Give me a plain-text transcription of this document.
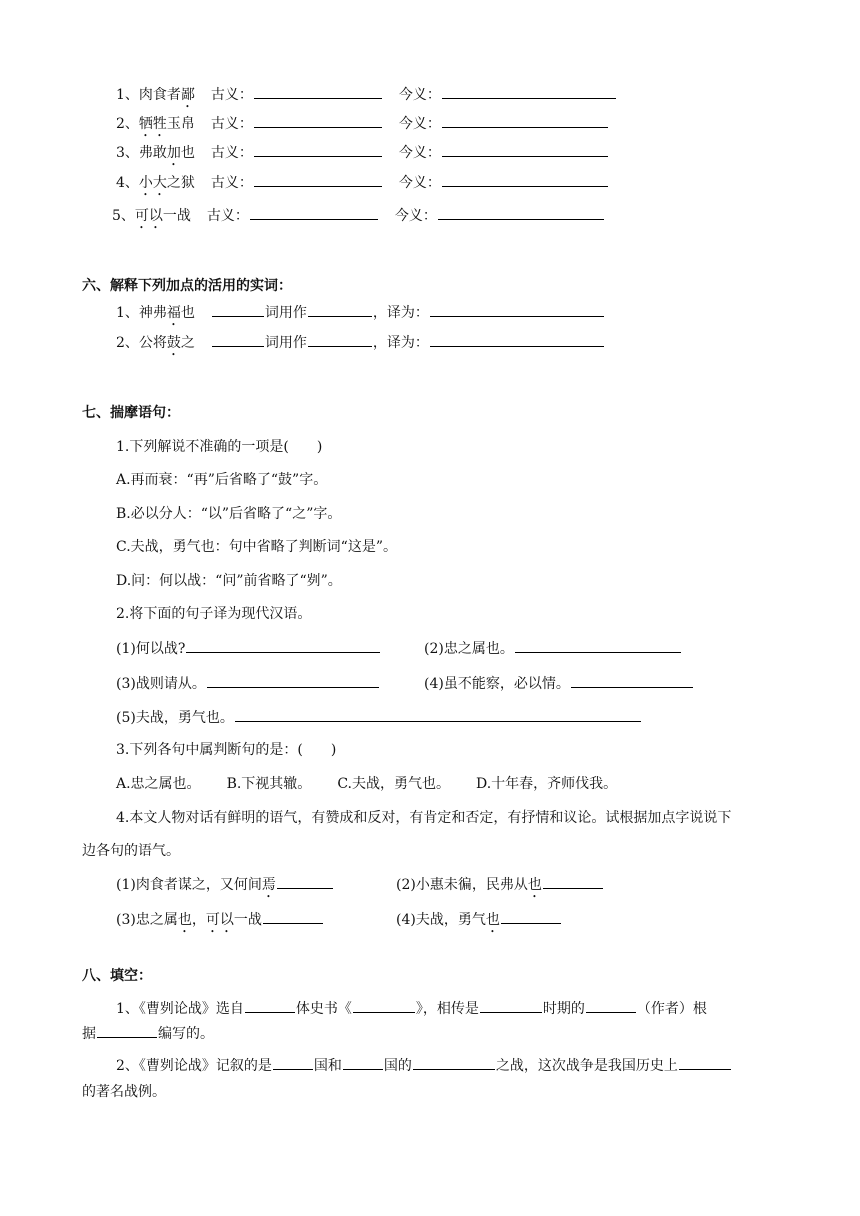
1、肉食者鄙 古义：	今义：
2、牺牲玉帛 古义：	今义：
3、弗敢加也 古义：	今义：
4、小大之狱 古义：	今义：
5、可以一战 古义：	今义：
六、解释下列加点的活用的实词：
1、神弗福也	词用作	，译为：
2、公将鼓之	词用作	，译为：
七、揣摩语句：
1.下列解说不准确的一项是(　　)
A.再而衰：“再”后省略了“鼓”字。
B.必以分人：“以”后省略了“之”字。
C.夫战，勇气也：句中省略了判断词“这是”。
D.问：何以战：“问”前省略了“刿”。
2.将下面的句子译为现代汉语。
(1)何以战?	(2)忠之属也。
(3)战则请从。	(4)虽不能察，必以情。
(5)夫战，勇气也。
3.下列各句中属判断句的是：(　　)
A.忠之属也。 B.下视其辙。 C.夫战，勇气也。 D.十年春，齐师伐我。
4.本文人物对话有鲜明的语气，有赞成和反对，有肯定和否定，有抒情和议论。试根据加点字说说下
边各句的语气。
(1)肉食者谋之，又何间焉	(2)小惠未徧，民弗从也
(3)忠之属也，可以一战	(4)夫战，勇气也
八、填空：
1、《曹刿论战》选自	体史书《	》，相传是	时期的	（作者）根
据	编写的。
2、《曹刿论战》记叙的是	国和	国的	之战，这次战争是我国历史上
的著名战例。
